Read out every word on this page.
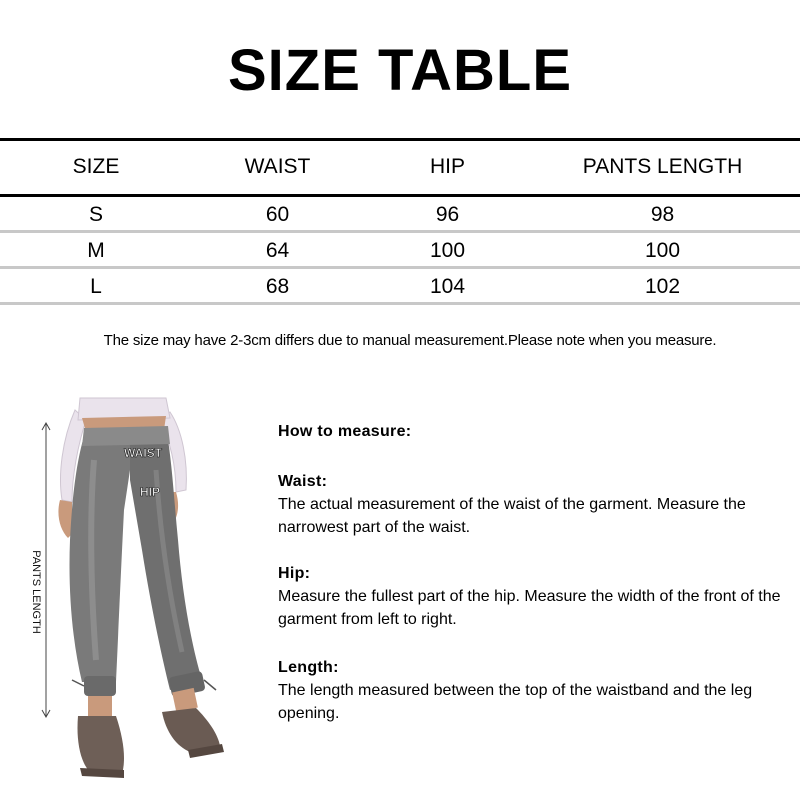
SIZE TABLE
SIZE	WAIST	HIP	PANTS LENGTH
S	60	96	98
M	64	100	100
L	68	104	102
The size may have 2-3cm differs due to manual measurement.Please note when you measure.
WAIST
HIP
PANTS LENGTH
How to measure:

Waist:

The actual measurement of the waist of the garment. Measure the narrowest part of the waist.

Hip:

Measure the fullest part of the hip. Measure the width of the front of the garment from left to right.

Length:

The length measured between the top of the waistband and the leg opening.
